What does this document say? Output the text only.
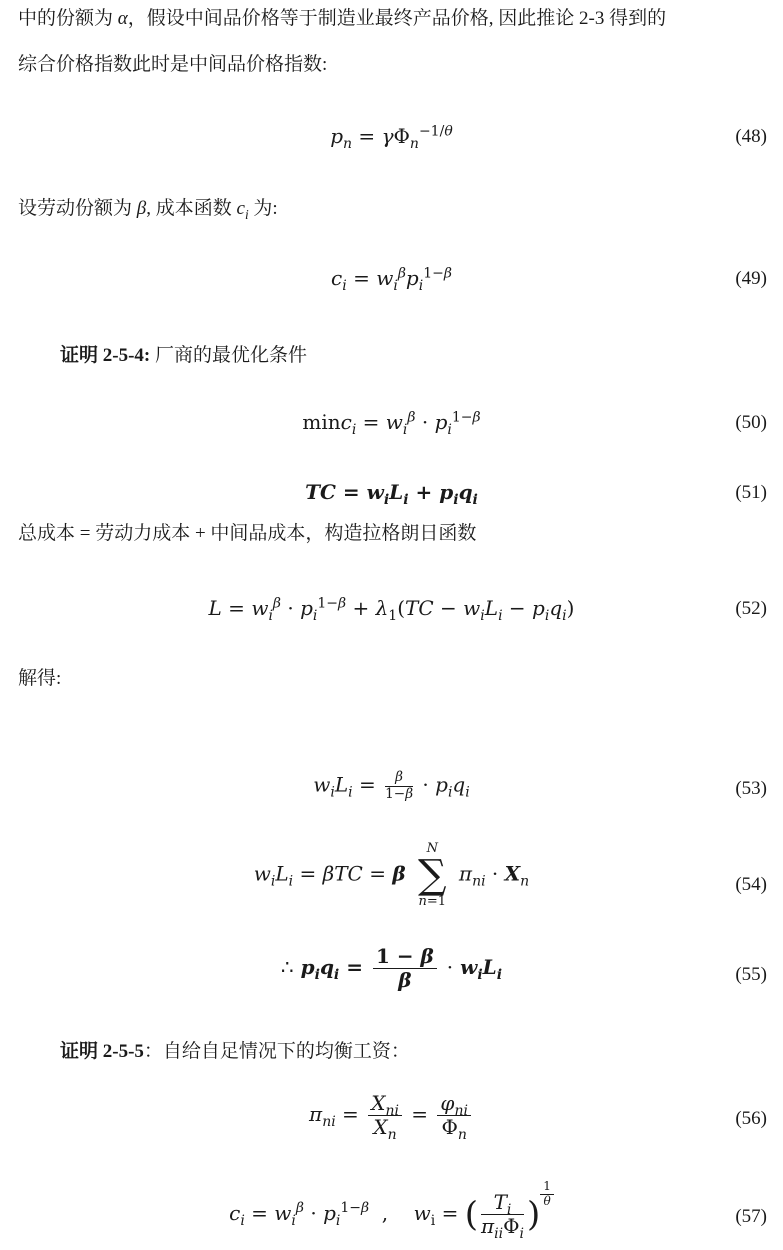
中的份额为 α，假设中间品价格等于制造业最终产品价格, 因此推论 2-3 得到的
综合价格指数此时是中间品价格指数:
$p_n = \gamma\Phi_n^{-1/\theta}$	(48)
设劳动份额为 β, 成本函数 $c_i$ 为:
$c_i = w_i^\beta p_i^{1-\beta}$	(49)
证明 2-5-4: 厂商的最优化条件
$\min c_i = w_i^\beta \cdot p_i^{1-\beta}$	(50)
TC = $w_iL_i + p_iq_i$	(51)
总成本 = 劳动力成本 + 中间品成本，构造拉格朗日函数
$L = w_i^\beta \cdot p_i^{1-\beta} + \lambda_1(TC - w_iL_i - p_iq_i)$	(52)
解得:
$w_iL_i = \frac{\beta}{1-\beta} \cdot p_iq_i$	(53)
$w_iL_i = \beta TC = \beta$
N
∑
n=1
$\pi_{ni} \cdot X_n$	(54)
∴ $p_iq_i = \frac{1 - \beta}{\beta} \cdot w_iL_i$	(55)
证明 2-5-5：自给自足情况下的均衡工资：
$\pi_{ni} = \frac{X_{ni}}{X_n} = \frac{\varphi_{ni}}{\Phi_n}$	(56)
$c_i = w_i^\beta \cdot p_i^{1-\beta}$  ,    $w_i$ = ( $\frac{T_i}{\pi_{ii}\Phi_i}$ ) $\frac{1}{\theta}$
(57)
